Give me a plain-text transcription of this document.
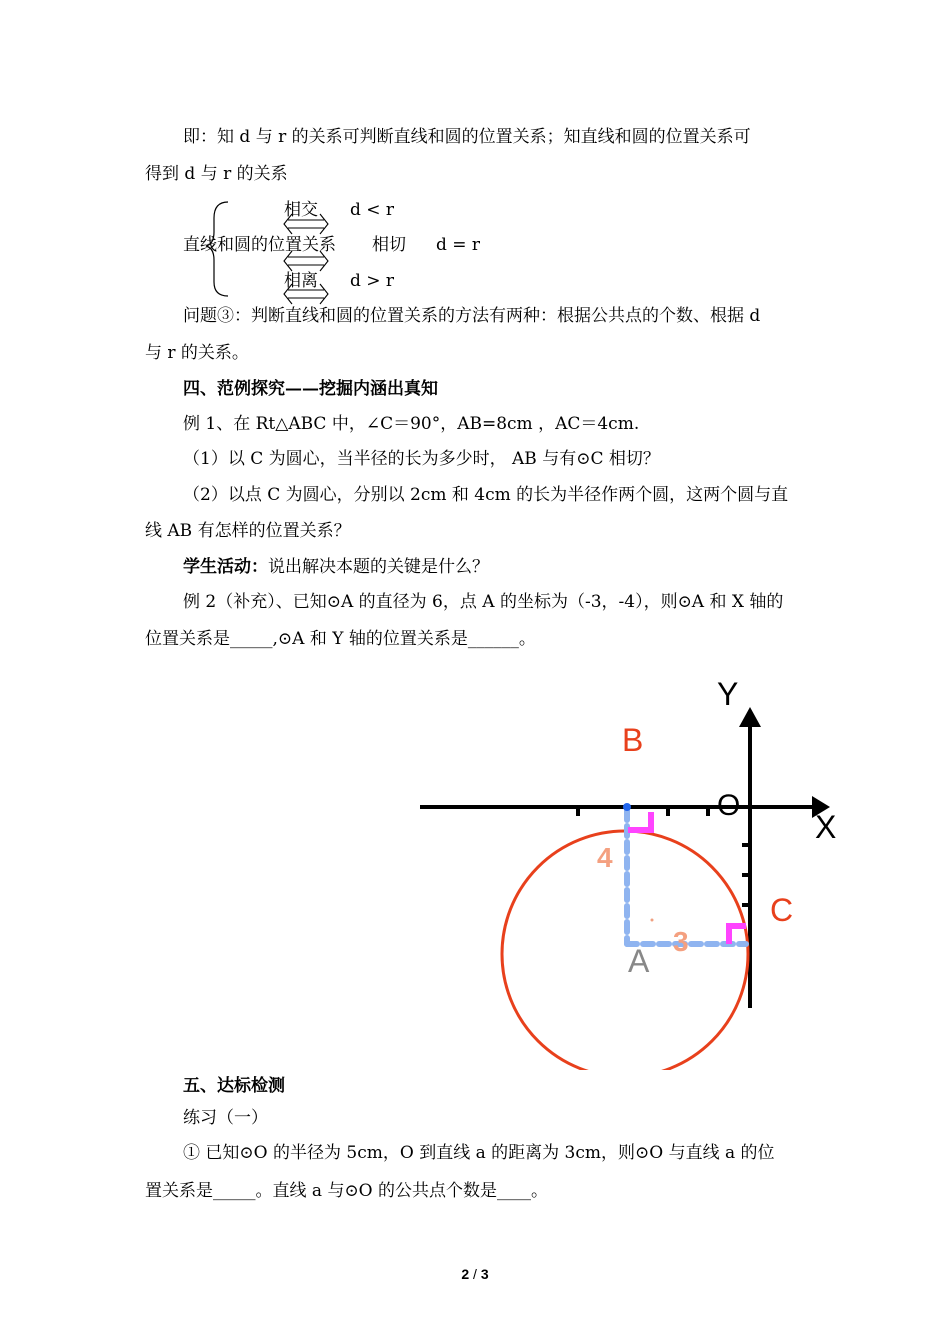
即：知 d 与 r 的关系可判断直线和圆的位置关系；知直线和圆的位置关系可
得到 d 与 r 的关系
相交 d < r
直线和圆的位置关系 相切 d = r
相离 d > r
问题③：判断直线和圆的位置关系的方法有两种：根据公共点的个数、根据 d
与 r 的关系。
四、范例探究——挖掘内涵出真知
例 1、在 Rt△ABC 中，∠C＝90°，AB=8cm ，AC＝4cm.
（1）以 C 为圆心，当半径的长为多少时， AB 与有⊙C 相切？
（2）以点 C 为圆心，分别以 2cm 和 4cm 的长为半径作两个圆，这两个圆与直
线 AB 有怎样的位置关系？
学生活动：说出解决本题的关键是什么？
例 2（补充）、已知⊙A 的直径为 6，点 A 的坐标为（-3，-4），则⊙A 和 X 轴的
位置关系是_____,⊙A 和 Y 轴的位置关系是______。
Y
X
O
B
C
A
4
3
五、达标检测
练习（一）
① 已知⊙O 的半径为 5cm，O 到直线 a 的距离为 3cm，则⊙O 与直线 a 的位
置关系是_____。直线 a 与⊙O 的公共点个数是____。
2 / 3
